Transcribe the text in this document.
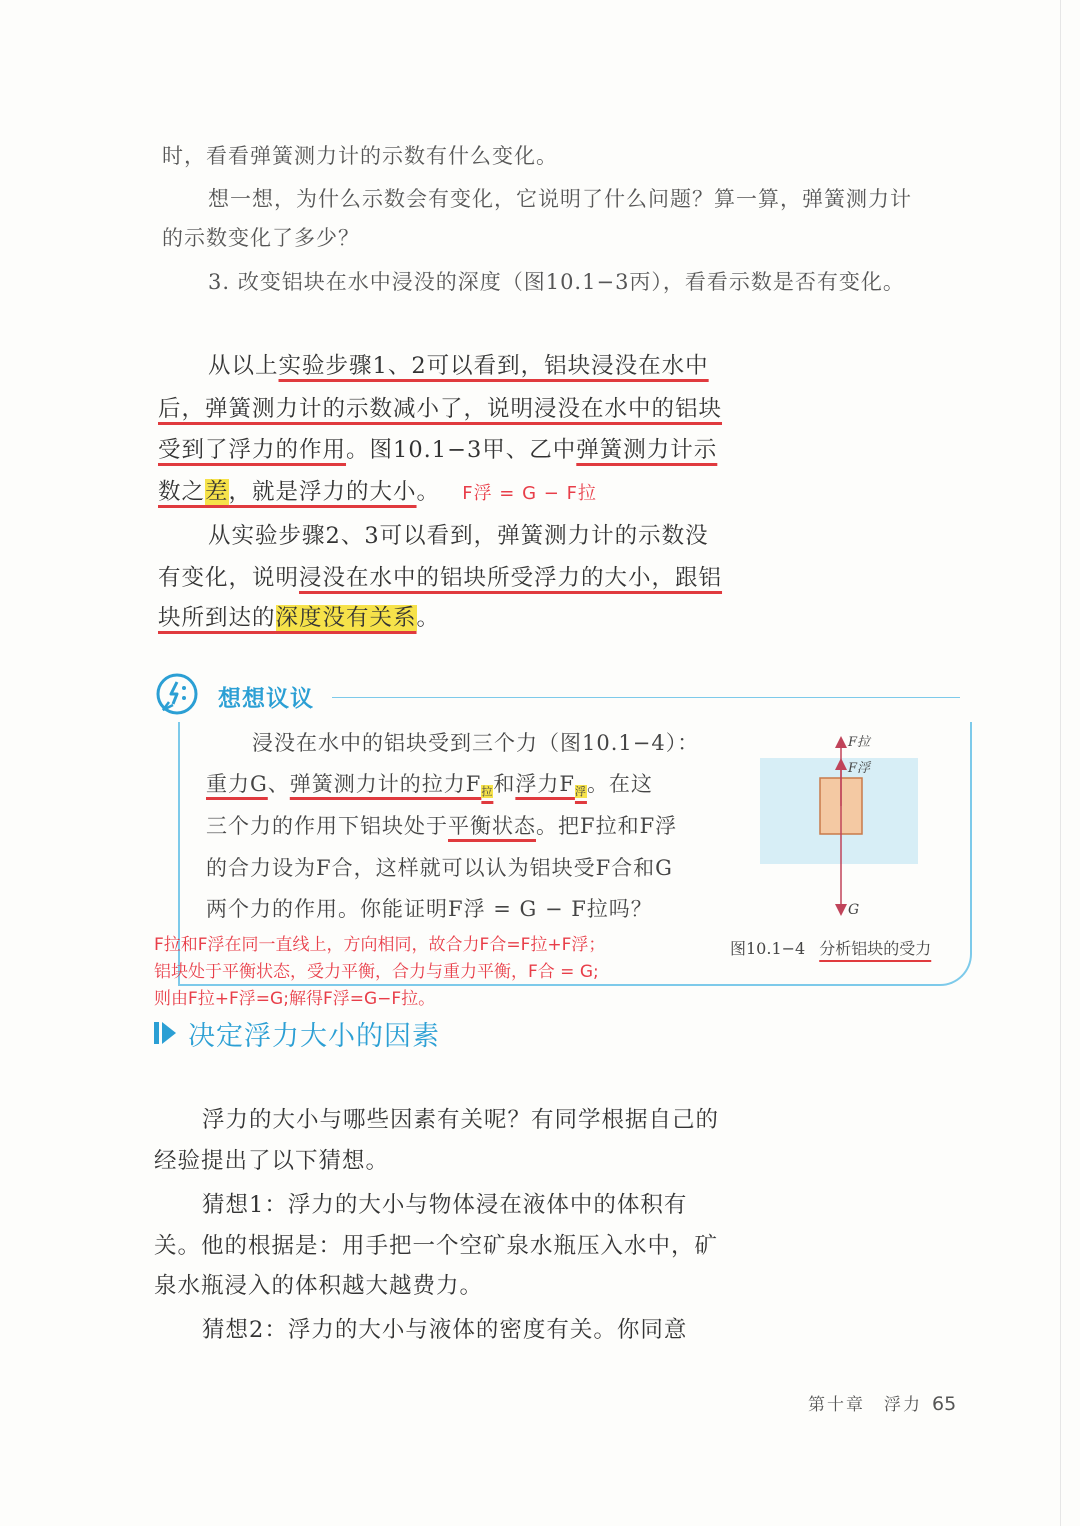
时，看看弹簧测力计的示数有什么变化。

想一想，为什么示数会有变化，它说明了什么问题？算一算，弹簧测力计

的示数变化了多少？

3. 改变铝块在水中浸没的深度（图10.1−3丙），看看示数是否有变化。

从以上实验步骤1、2可以看到，铝块浸没在水中

后，弹簧测力计的示数减小了，说明浸没在水中的铝块

受到了浮力的作用。图10.1−3甲、乙中弹簧测力计示

数之差，就是浮力的大小。 F浮 = G − F拉

从实验步骤2、3可以看到，弹簧测力计的示数没

有变化，说明浸没在水中的铝块所受浮力的大小，跟铝

块所到达的深度没有关系。

想想议议

浸没在水中的铝块受到三个力（图10.1−4）：

重力G、弹簧测力计的拉力$F_拉$和浮力$F_浮$。在这

三个力的作用下铝块处于平衡状态。把F拉和F浮

的合力设为F合，这样就可以认为铝块受F合和G

两个力的作用。你能证明F浮 = G − F拉吗？

F拉和F浮在同一直线上，方向相同，故合力F合=F拉+F浮；

铝块处于平衡状态，受力平衡，合力与重力平衡，F合 = G;

则由F拉+F浮=G;解得F浮=G−F拉。

F拉
F浮
G
图10.1−4 分析铝块的受力
决定浮力大小的因素

浮力的大小与哪些因素有关呢？有同学根据自己的

经验提出了以下猜想。

猜想1：浮力的大小与物体浸在液体中的体积有

关。他的根据是：用手把一个空矿泉水瓶压入水中，矿

泉水瓶浸入的体积越大越费力。

猜想2：浮力的大小与液体的密度有关。你同意

第十章　浮力 65
